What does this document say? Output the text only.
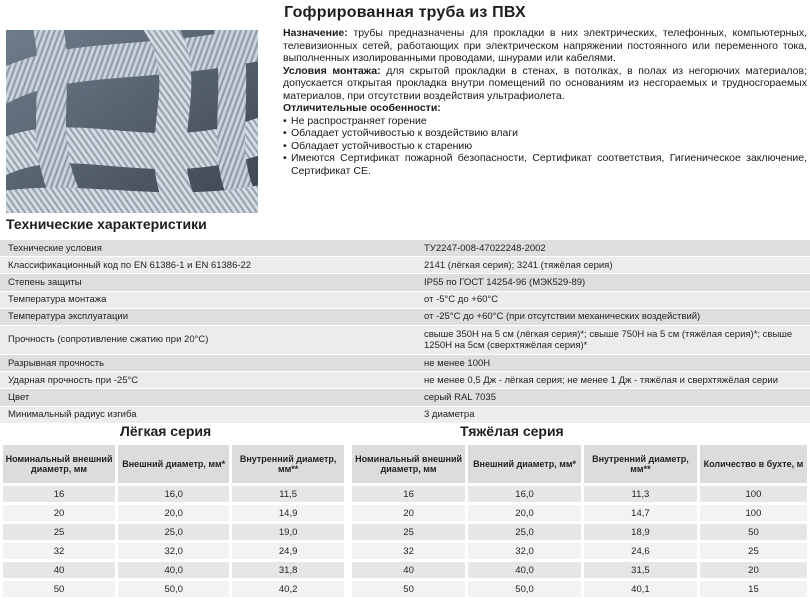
Гофрированная труба из ПВХ

Назначение: трубы предназначены для прокладки в них электрических, телефонных, компьютерных, телевизионных сетей, работающих при электрическом напряжении постоянного или переменного тока, выполненных изолированными проводами, шнурами или кабелями.

Условия монтажа: для скрытой прокладки в стенах, в потолках, в полах из негорючих материалов; допускается открытая прокладка внутри помещений по основаниям из несгораемых и трудносгораемых материалов, при отсутствии воздействия ультрафиолета.

Отличительные особенности:

• Не распространяет горение
• Обладает устойчивостью к воздействию влаги
• Обладает устойчивостью к старению
• Имеются Сертификат пожарной безопасности, Сертификат соответствия, Гигиеническое заключение, Сертификат CE.
Технические характеристики
Технические условия	ТУ2247-008-47022248-2002
Классификационный код по EN 61386-1 и EN 61386-22	2141 (лёгкая серия); 3241 (тяжёлая серия)
Степень защиты	IP55 по ГОСТ 14254-96 (МЭК529-89)
Температура монтажа	от -5°С до +60°С
Температура эксплуатации	от -25°С до +60°С (при отсутствии механических воздействий)
Прочность (сопротивление сжатию при 20°С)	свыше 350Н на 5 см (лёгкая серия)*; свыше 750Н на 5 см (тяжёлая серия)*; свыше 1250Н на 5см (сверхтяжёлая серия)*
Разрывная прочность	не менее 100Н
Ударная прочность при -25°С	не менее 0,5 Дж - лёгкая серия; не менее 1 Дж - тяжёлая и сверхтяжёлая серии
Цвет	серый RAL 7035
Минимальный радиус изгиба	3 диаметра
Лёгкая серия	Тяжёлая серия
Номинальный внешний диаметр, мм	Внешний диаметр, мм*	Внутренний диаметр, мм**
16	16,0	11,5
20	20,0	14,9
25	25,0	19,0
32	32,0	24,9
40	40,0	31,8
50	50,0	40,2
Номинальный внешний диаметр, мм	Внешний диаметр, мм*	Внутренний диаметр, мм**	Количество в бухте, м
16	16,0	11,3	100
20	20,0	14,7	100
25	25,0	18,9	50
32	32,0	24,6	25
40	40,0	31,5	20
50	50,0	40,1	15
